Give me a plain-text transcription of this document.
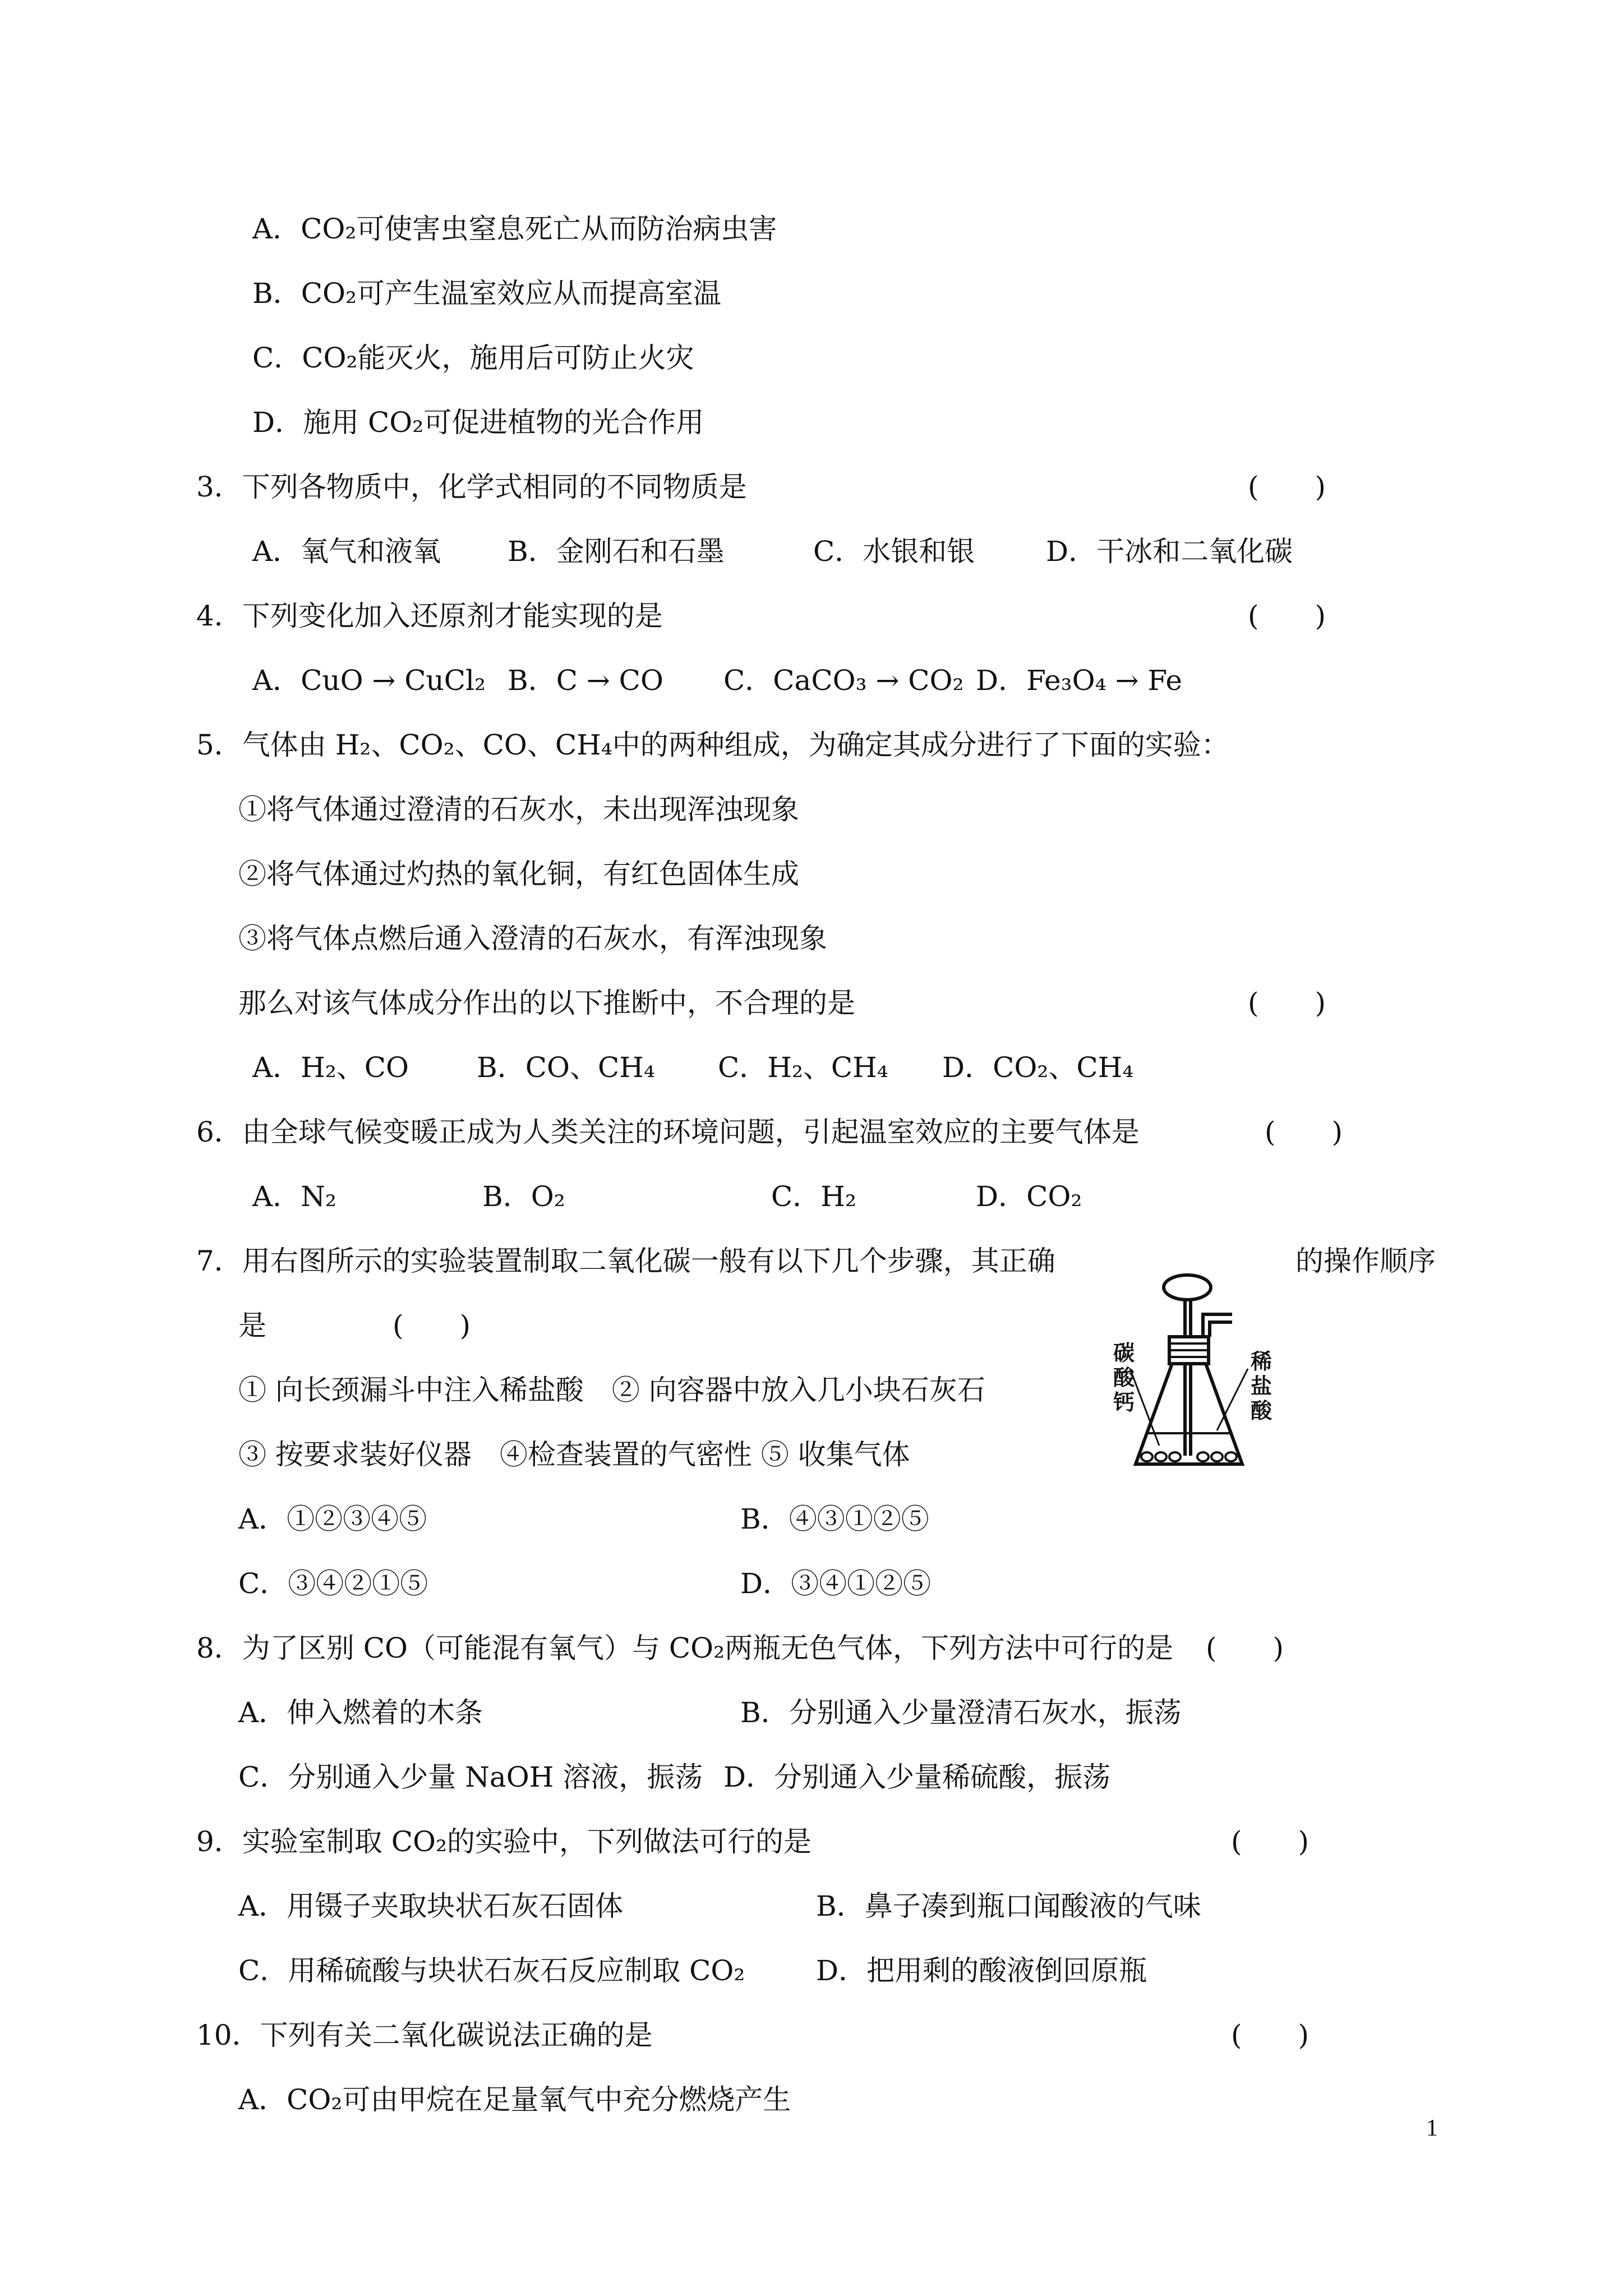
A．CO₂可使害虫窒息死亡从而防治病虫害
B．CO₂可产生温室效应从而提高室温
C．CO₂能灭火，施用后可防止火灾
D．施用 CO₂可促进植物的光合作用
3．下列各物质中，化学式相同的不同物质是	(　　)
A．氧气和液氧 B．金刚石和石墨	C．水银和银	D．干冰和二氧化碳
4．下列变化加入还原剂才能实现的是	(　　)
A．CuO → CuCl₂ B．C → CO C．CaCO₃ → CO₂ D．Fe₃O₄ → Fe
5．气体由 H₂、CO₂、CO、CH₄中的两种组成，为确定其成分进行了下面的实验：
①将气体通过澄清的石灰水，未出现浑浊现象
②将气体通过灼热的氧化铜，有红色固体生成
③将气体点燃后通入澄清的石灰水，有浑浊现象
那么对该气体成分作出的以下推断中，不合理的是	(　　)
A．H₂、CO B．CO、CH₄ C．H₂、CH₄ D．CO₂、CH₄
6．由全球气候变暖正成为人类关注的环境问题，引起温室效应的主要气体是	(　　)
A．N₂	B．O₂	C．H₂	D．CO₂
7．用右图所示的实验装置制取二氧化碳一般有以下几个步骤，其正确	的操作顺序
是	(　　)
① 向长颈漏斗中注入稀盐酸　② 向容器中放入几小块石灰石
③ 按要求装好仪器　④检查装置的气密性 ⑤ 收集气体
A．①②③④⑤	B．④③①②⑤
C．③④②①⑤	D．③④①②⑤
碳酸钙
稀盐酸
8．为了区别 CO（可能混有氧气）与 CO₂两瓶无色气体，下列方法中可行的是 (　　)
A．伸入燃着的木条	B．分别通入少量澄清石灰水，振荡
C．分别通入少量 NaOH 溶液，振荡 D．分别通入少量稀硫酸，振荡
9．实验室制取 CO₂的实验中，下列做法可行的是	(　　)
A．用镊子夹取块状石灰石固体	B．鼻子凑到瓶口闻酸液的气味
C．用稀硫酸与块状石灰石反应制取 CO₂	D．把用剩的酸液倒回原瓶
10．下列有关二氧化碳说法正确的是	(　　)
A．CO₂可由甲烷在足量氧气中充分燃烧产生
1
